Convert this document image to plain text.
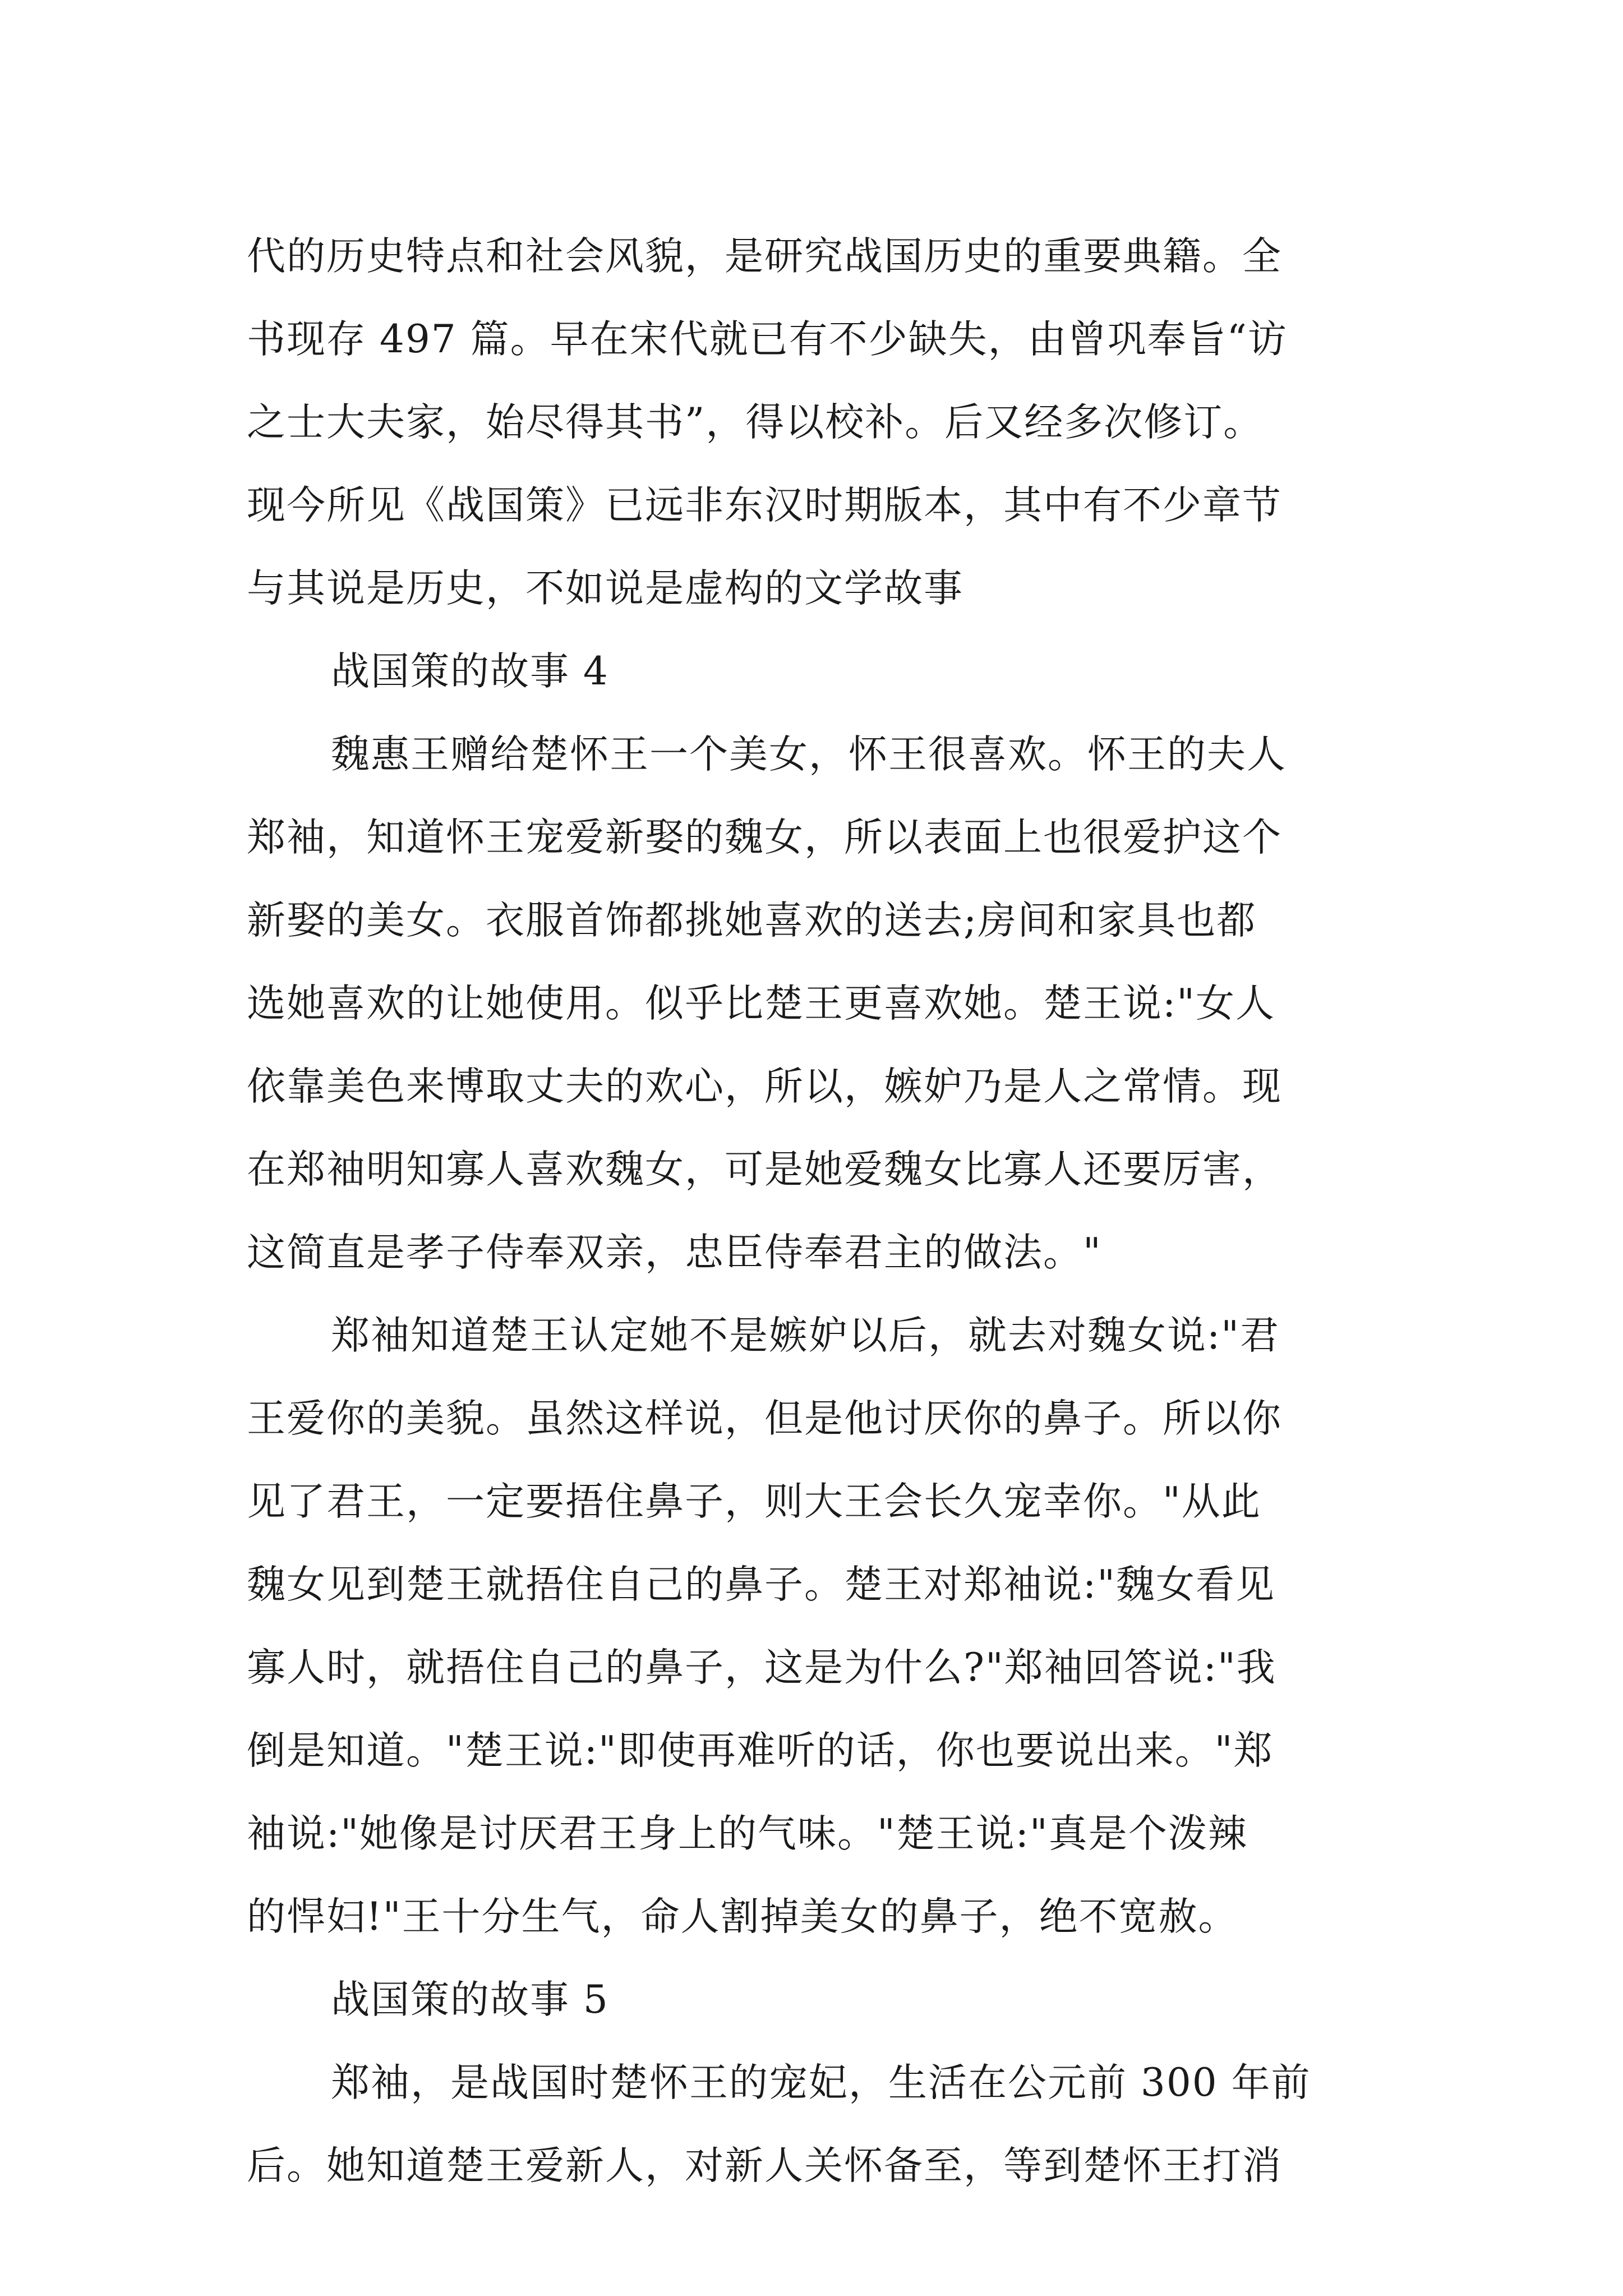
代的历史特点和社会风貌，是研究战国历史的重要典籍。全
书现存 497 篇。早在宋代就已有不少缺失，由曾巩奉旨“访
之士大夫家，始尽得其书”，得以校补。后又经多次修订。
现今所见《战国策》已远非东汉时期版本，其中有不少章节
与其说是历史，不如说是虚构的文学故事
战国策的故事 4
魏惠王赠给楚怀王一个美女，怀王很喜欢。怀王的夫人
郑袖，知道怀王宠爱新娶的魏女，所以表面上也很爱护这个
新娶的美女。衣服首饰都挑她喜欢的送去;房间和家具也都
选她喜欢的让她使用。似乎比楚王更喜欢她。楚王说:"女人
依靠美色来博取丈夫的欢心，所以，嫉妒乃是人之常情。现
在郑袖明知寡人喜欢魏女，可是她爱魏女比寡人还要厉害，
这简直是孝子侍奉双亲，忠臣侍奉君主的做法。"
郑袖知道楚王认定她不是嫉妒以后，就去对魏女说:"君
王爱你的美貌。虽然这样说，但是他讨厌你的鼻子。所以你
见了君王，一定要捂住鼻子，则大王会长久宠幸你。"从此
魏女见到楚王就捂住自己的鼻子。楚王对郑袖说:"魏女看见
寡人时，就捂住自己的鼻子，这是为什么?"郑袖回答说:"我
倒是知道。"楚王说:"即使再难听的话，你也要说出来。"郑
袖说:"她像是讨厌君王身上的气味。"楚王说:"真是个泼辣
的悍妇!"王十分生气，命人割掉美女的鼻子，绝不宽赦。
战国策的故事 5
郑袖，是战国时楚怀王的宠妃，生活在公元前 300 年前
后。她知道楚王爱新人，对新人关怀备至，等到楚怀王打消
